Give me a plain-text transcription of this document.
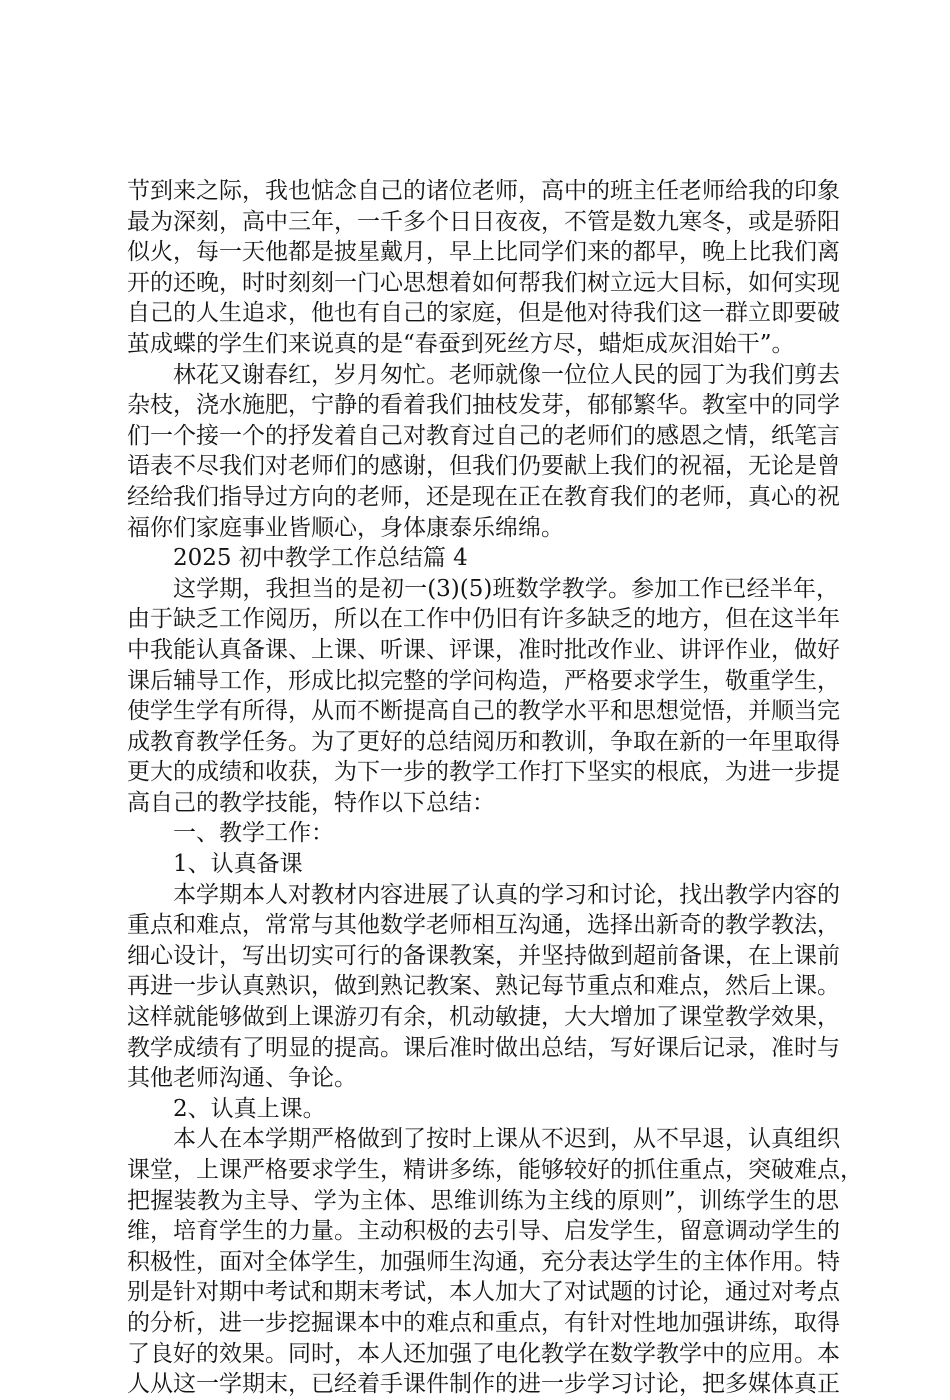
节到来之际，我也惦念自己的诸位老师，高中的班主任老师给我的印象
最为深刻，高中三年，一千多个日日夜夜，不管是数九寒冬，或是骄阳
似火，每一天他都是披星戴月，早上比同学们来的都早，晚上比我们离
开的还晚，时时刻刻一门心思想着如何帮我们树立远大目标，如何实现
自己的人生追求，他也有自己的家庭，但是他对待我们这一群立即要破
茧成蝶的学生们来说真的是“春蚕到死丝方尽，蜡炬成灰泪始干”。
林花又谢春红，岁月匆忙。老师就像一位位人民的园丁为我们剪去
杂枝，浇水施肥，宁静的看着我们抽枝发芽，郁郁繁华。教室中的同学
们一个接一个的抒发着自己对教育过自己的老师们的感恩之情，纸笔言
语表不尽我们对老师们的感谢，但我们仍要献上我们的祝福，无论是曾
经给我们指导过方向的老师，还是现在正在教育我们的老师，真心的祝
福你们家庭事业皆顺心，身体康泰乐绵绵。
2025 初中教学工作总结篇 4
这学期，我担当的是初一(3)(5)班数学教学。参加工作已经半年，
由于缺乏工作阅历，所以在工作中仍旧有许多缺乏的地方，但在这半年
中我能认真备课、上课、听课、评课，准时批改作业、讲评作业，做好
课后辅导工作，形成比拟完整的学问构造，严格要求学生，敬重学生，
使学生学有所得，从而不断提高自己的教学水平和思想觉悟，并顺当完
成教育教学任务。为了更好的总结阅历和教训，争取在新的一年里取得
更大的成绩和收获，为下一步的教学工作打下坚实的根底，为进一步提
高自己的教学技能，特作以下总结：
一、教学工作：
1、认真备课
本学期本人对教材内容进展了认真的学习和讨论，找出教学内容的
重点和难点，常常与其他数学老师相互沟通，选择出新奇的教学教法，
细心设计，写出切实可行的备课教案，并坚持做到超前备课，在上课前
再进一步认真熟识，做到熟记教案、熟记每节重点和难点，然后上课。
这样就能够做到上课游刃有余，机动敏捷，大大增加了课堂教学效果，
教学成绩有了明显的提高。课后准时做出总结，写好课后记录，准时与
其他老师沟通、争论。
2、认真上课。
本人在本学期严格做到了按时上课从不迟到，从不早退，认真组织
课堂，上课严格要求学生，精讲多练，能够较好的抓住重点，突破难点，
把握装教为主导、学为主体、思维训练为主线的原则”，训练学生的思
维，培育学生的力量。主动积极的去引导、启发学生，留意调动学生的
积极性，面对全体学生，加强师生沟通，充分表达学生的主体作用。特
别是针对期中考试和期末考试，本人加大了对试题的讨论，通过对考点
的分析，进一步挖掘课本中的难点和重点，有针对性地加强讲练，取得
了良好的效果。同时，本人还加强了电化教学在数学教学中的应用。本
人从这一学期末，已经着手课件制作的进一步学习讨论，把多媒体真正
